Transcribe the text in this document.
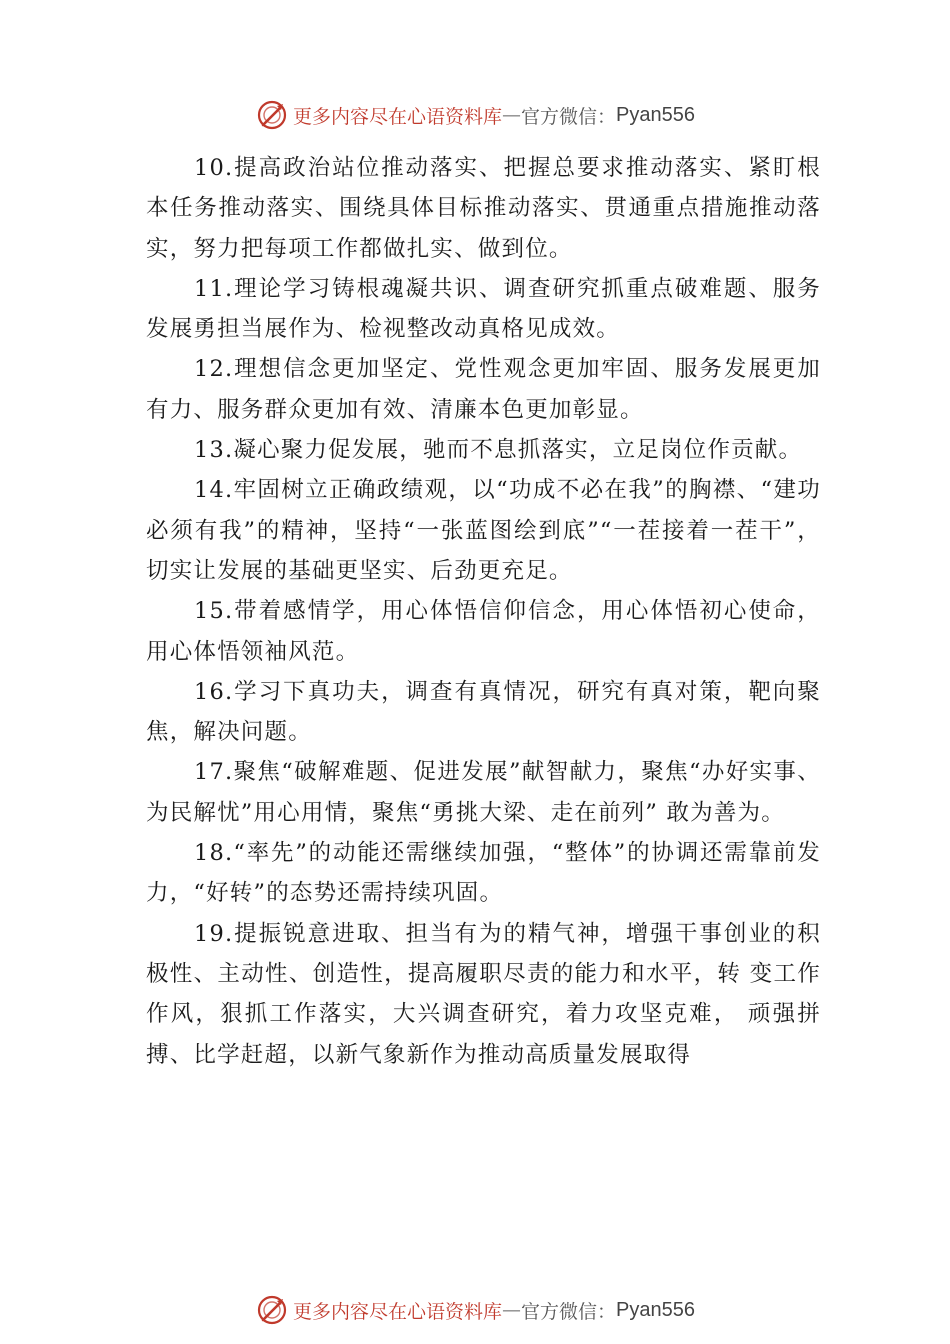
更多内容尽在心语资料库 — 官方微信： Pyan556

10.提高政治站位推动落实、把握总要求推动落实、紧盯根本任务推动落实、围绕具体目标推动落实、贯通重点措施推动落实，努力把每项工作都做扎实、做到位。

11.理论学习铸根魂凝共识、调查研究抓重点破难题、服务发展勇担当展作为、检视整改动真格见成效。

12.理想信念更加坚定、党性观念更加牢固、服务发展更加有力、服务群众更加有效、清廉本色更加彰显。

13.凝心聚力促发展，驰而不息抓落实，立足岗位作贡献。

14.牢固树立正确政绩观，以“功成不必在我”的胸襟、“建功必须有我”的精神，坚持“一张蓝图绘到底”“一茬接着一茬干”，切实让发展的基础更坚实、后劲更充足。

15.带着感情学，用心体悟信仰信念，用心体悟初心使命，用心体悟领袖风范。

16.学习下真功夫，调查有真情况，研究有真对策，靶向聚焦，解决问题。

17.聚焦“破解难题、促进发展”献智献力，聚焦“办好实事、为民解忧”用心用情，聚焦“勇挑大梁、走在前列” 敢为善为。

18.“率先”的动能还需继续加强，“整体”的协调还需靠前发力，“好转”的态势还需持续巩固。

19.提振锐意进取、担当有为的精气神，增强干事创业的积极性、主动性、创造性，提高履职尽责的能力和水平，转 变工作作风，狠抓工作落实，大兴调查研究，着力攻坚克难， 顽强拼搏、比学赶超，以新气象新作为推动高质量发展取得

更多内容尽在心语资料库 — 官方微信： Pyan556
